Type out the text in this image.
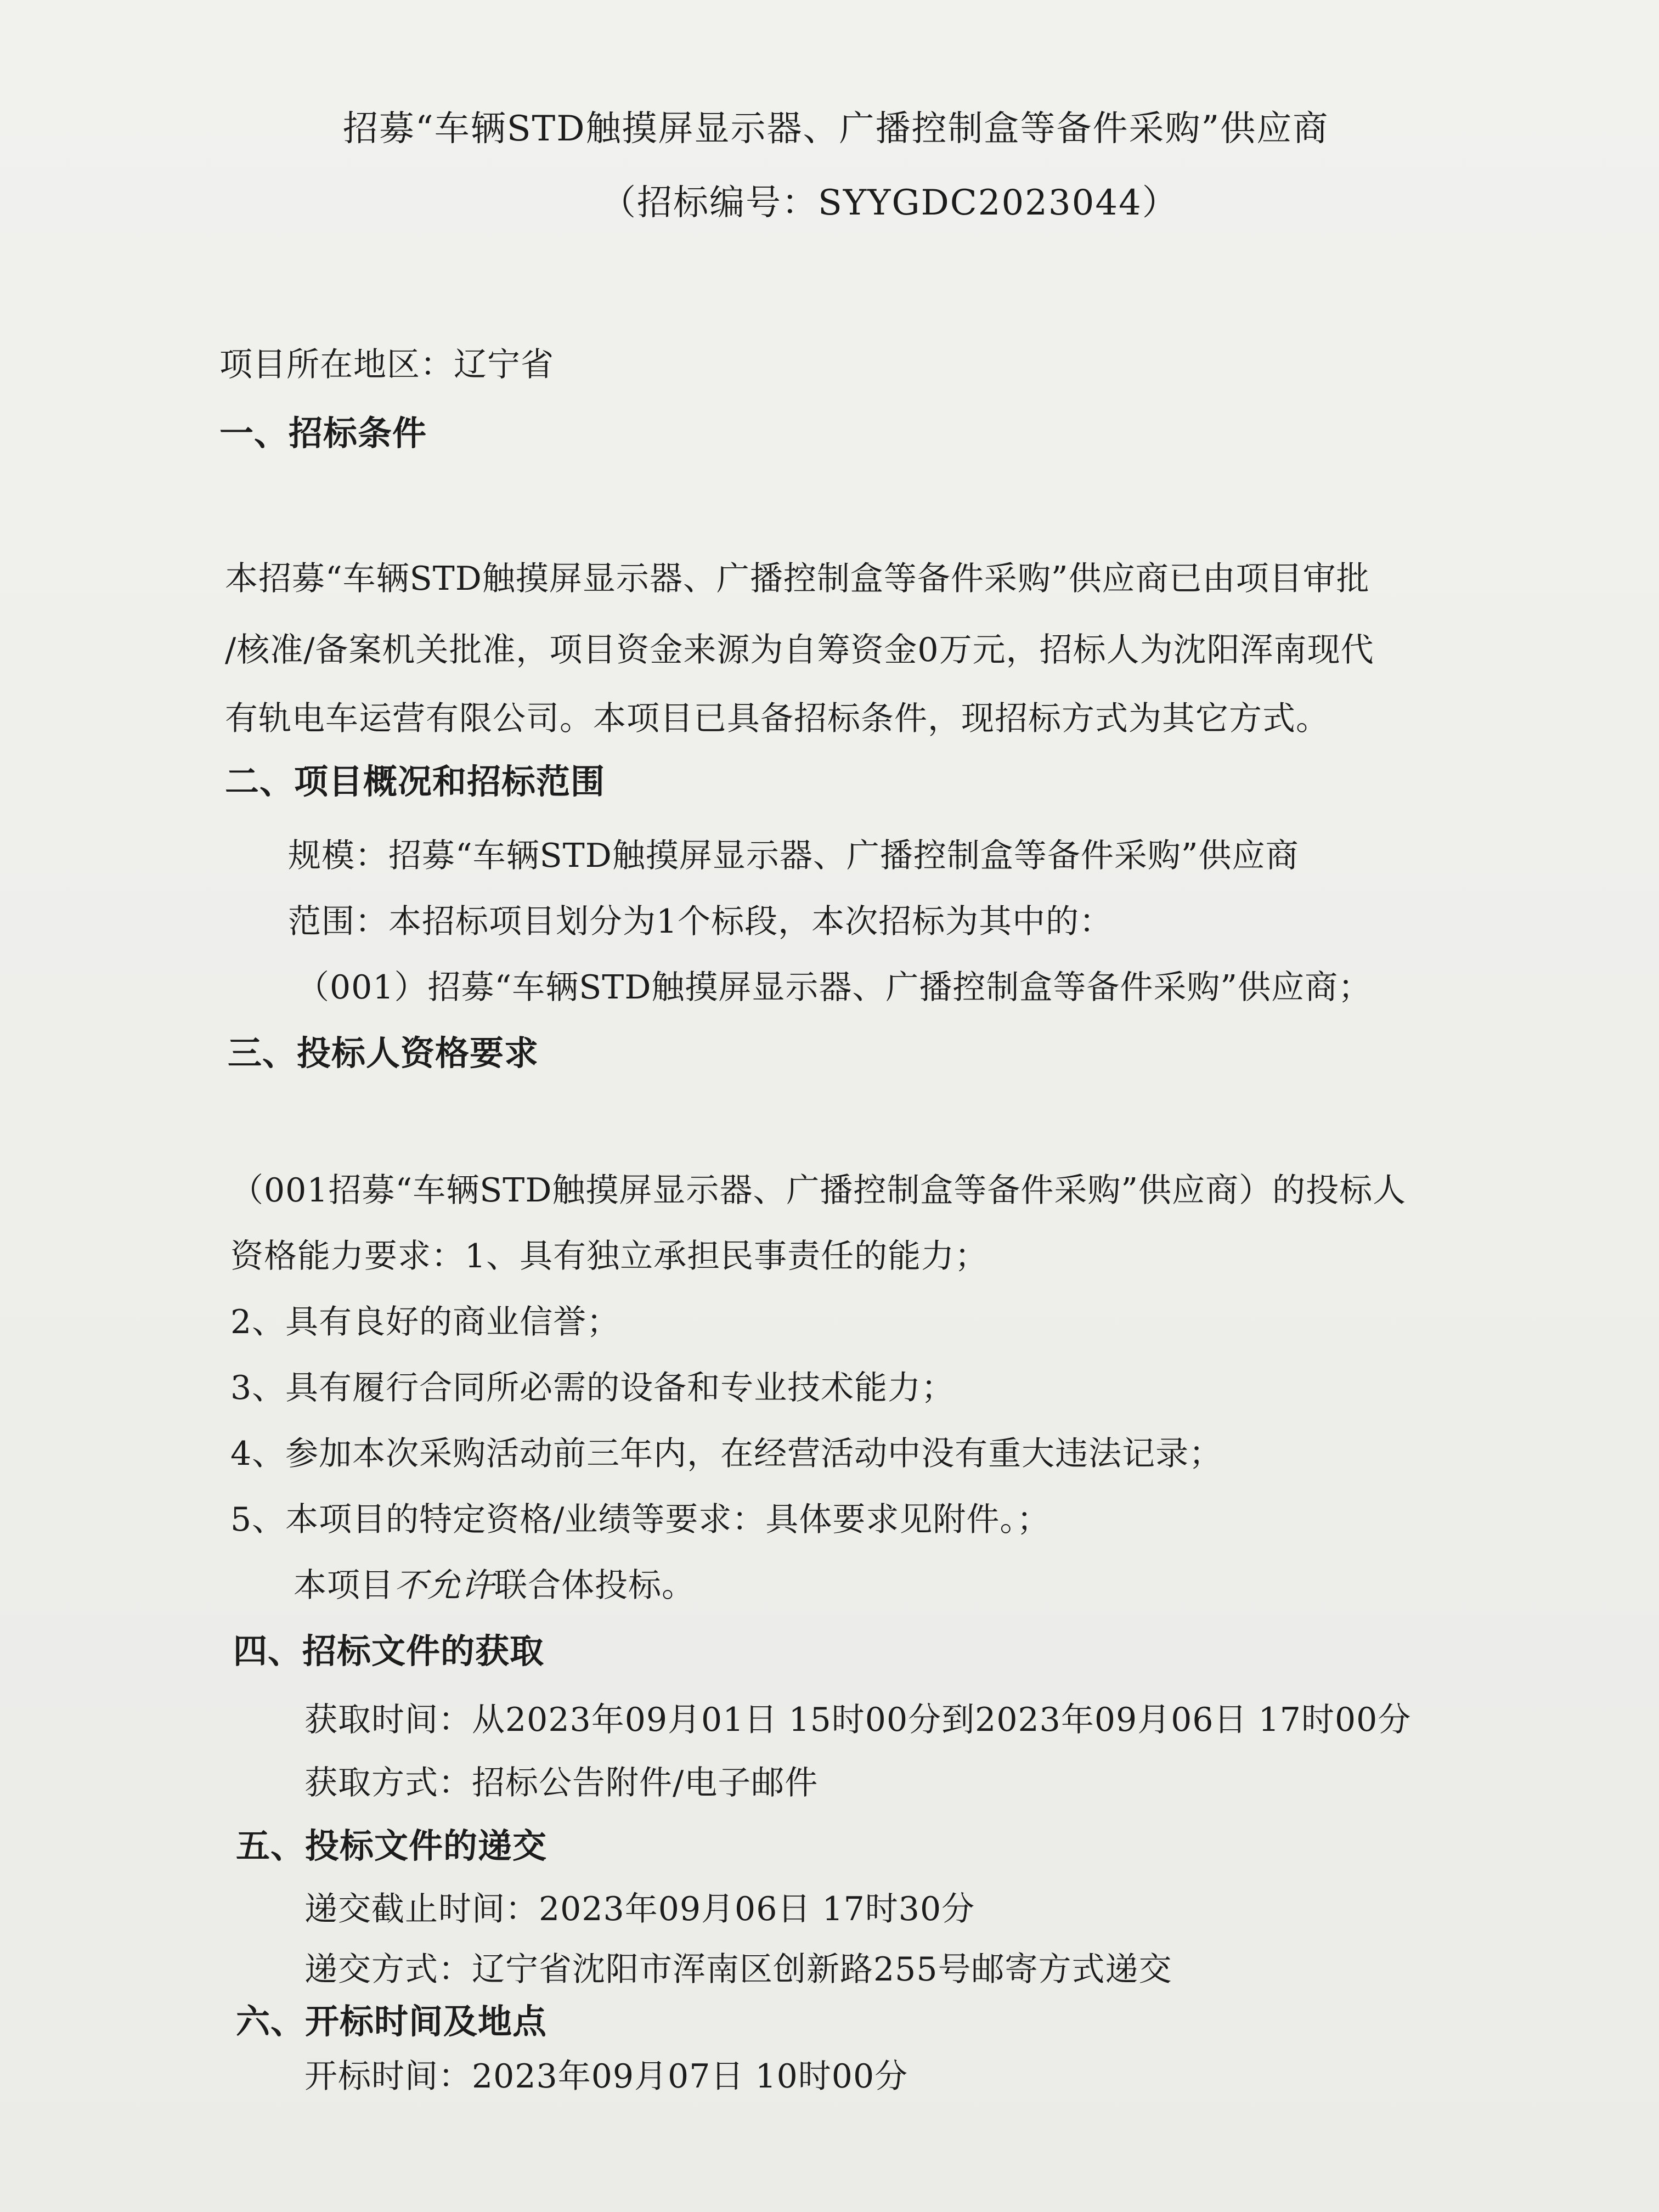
招募“车辆STD触摸屏显示器、广播控制盒等备件采购”供应商
（招标编号：SYYGDC2023044）
项目所在地区：辽宁省
一、招标条件
本招募“车辆STD触摸屏显示器、广播控制盒等备件采购”供应商已由项目审批
/核准/备案机关批准，项目资金来源为自筹资金0万元，招标人为沈阳浑南现代
有轨电车运营有限公司。本项目已具备招标条件，现招标方式为其它方式。
二、项目概况和招标范围
规模：招募“车辆STD触摸屏显示器、广播控制盒等备件采购”供应商
范围：本招标项目划分为1个标段，本次招标为其中的：
（001）招募“车辆STD触摸屏显示器、广播控制盒等备件采购”供应商；
三、投标人资格要求
（001招募“车辆STD触摸屏显示器、广播控制盒等备件采购”供应商）的投标人
资格能力要求：1、具有独立承担民事责任的能力；
2、具有良好的商业信誉；
3、具有履行合同所必需的设备和专业技术能力；
4、参加本次采购活动前三年内，在经营活动中没有重大违法记录；
5、本项目的特定资格/业绩等要求：具体要求见附件。；
本项目不允许联合体投标。
四、招标文件的获取
获取时间：从2023年09月01日 15时00分到2023年09月06日 17时00分
获取方式：招标公告附件/电子邮件
五、投标文件的递交
递交截止时间：2023年09月06日 17时30分
递交方式：辽宁省沈阳市浑南区创新路255号邮寄方式递交
六、开标时间及地点
开标时间：2023年09月07日 10时00分
